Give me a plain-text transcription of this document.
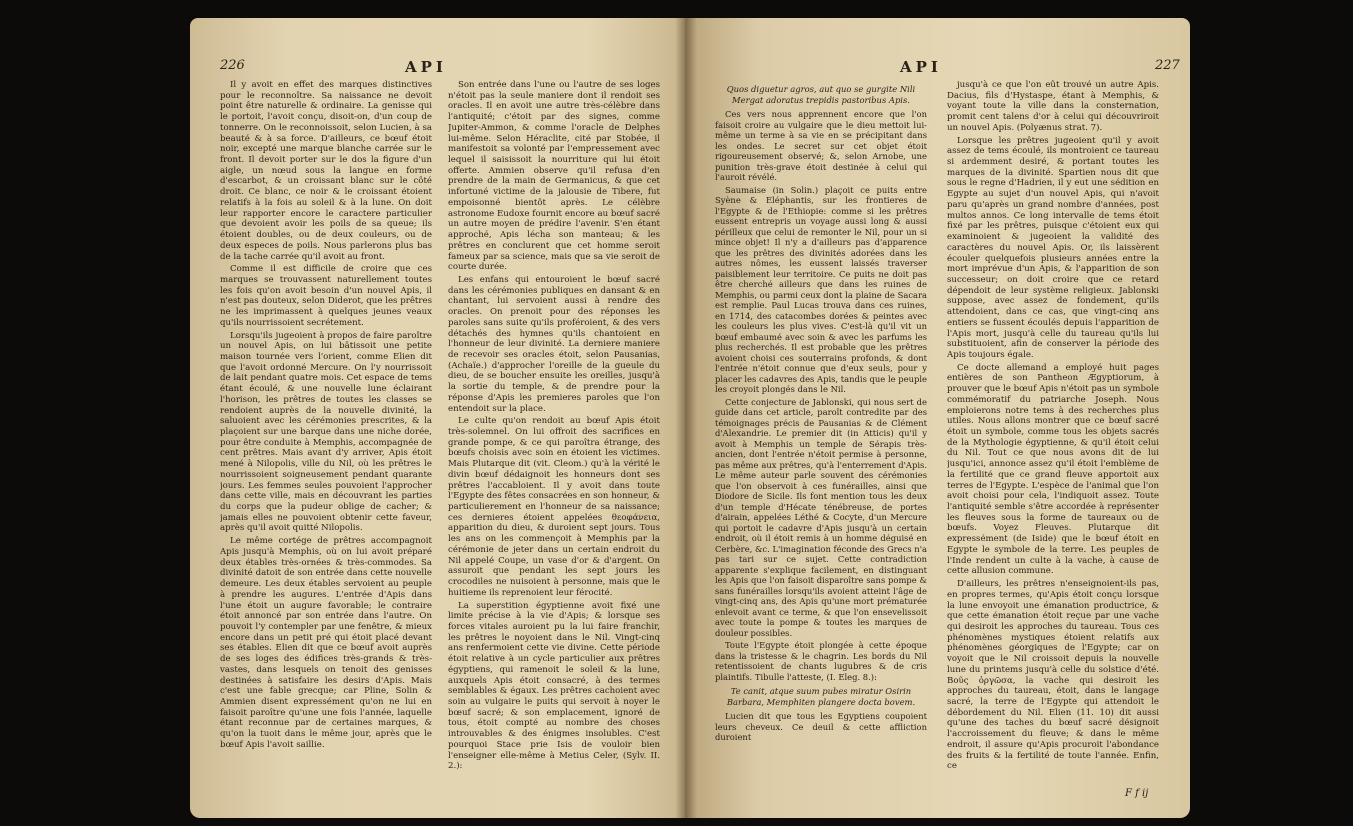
226	API

Il y avoit en effet des marques distinctives pour le reconnoître. Sa naissance ne devoit point être naturelle & ordinaire. La genisse qui le portoit, l'avoit conçu, disoit-on, d'un coup de tonnerre. On le reconnoissoit, selon Lucien, à sa beauté & à sa force. D'ailleurs, ce bœuf étoit noir, excepté une marque blanche carrée sur le front. Il devoit porter sur le dos la figure d'un aigle, un nœud sous la langue en forme d'escarbot, & un croissant blanc sur le côté droit. Ce blanc, ce noir & le croissant étoient relatifs à la fois au soleil & à la lune. On doit leur rapporter encore le caractere particulier que devoient avoir les poils de sa queue; ils étoient doubles, ou de deux couleurs, ou de deux especes de poils. Nous parlerons plus bas de la tache carrée qu'il avoit au front.

Comme il est difficile de croire que ces marques se trouvassent naturellement toutes les fois qu'on avoit besoin d'un nouvel Apis, il n'est pas douteux, selon Diderot, que les prêtres ne les imprimassent à quelques jeunes veaux qu'ils nourrissoient secrétement.

Lorsqu'ils jugeoient à propos de faire paroître un nouvel Apis, on lui bâtissoit une petite maison tournée vers l'orient, comme Elien dit que l'avoit ordonné Mercure. On l'y nourrissoit de lait pendant quatre mois. Cet espace de tems étant écoulé, & une nouvelle lune éclairant l'horison, les prêtres de toutes les classes se rendoient auprès de la nouvelle divinité, la saluoient avec les cérémonies prescrites, & la plaçoient sur une barque dans une niche dorée, pour être conduite à Memphis, accompagnée de cent prêtres. Mais avant d'y arriver, Apis étoit mené à Nilopolis, ville du Nil, où les prêtres le nourrissoient soigneusement pendant quarante jours. Les femmes seules pouvoient l'approcher dans cette ville, mais en découvrant les parties du corps que la pudeur oblige de cacher; & jamais elles ne pouvoient obtenir cette faveur, après qu'il avoit quitté Nilopolis.

Le même cortége de prêtres accompagnoit Apis jusqu'à Memphis, où on lui avoit préparé deux étables très-ornées & très-commodes. Sa divinité datoit de son entrée dans cette nouvelle demeure. Les deux étables servoient au peuple à prendre les augures. L'entrée d'Apis dans l'une étoit un augure favorable; le contraire étoit annoncé par son entrée dans l'autre. On pouvoit l'y contempler par une fenêtre, & mieux encore dans un petit pré qui étoit placé devant ses étables. Elien dit que ce bœuf avoit auprès de ses loges des édifices très-grands & très-vastes, dans lesquels on tenoit des genisses destinées à satisfaire les desirs d'Apis. Mais c'est une fable grecque; car Pline, Solin & Ammien disent expressément qu'on ne lui en faisoit paroître qu'une une fois l'année, laquelle étant reconnue par de certaines marques, & qu'on la tuoit dans le même jour, après que le bœuf Apis l'avoit saillie.

Son entrée dans l'une ou l'autre de ses loges n'étoit pas la seule maniere dont il rendoit ses oracles. Il en avoit une autre très-célèbre dans l'antiquité; c'étoit par des signes, comme Jupiter-Ammon, & comme l'oracle de Delphes lui-même. Selon Héraclite, cité par Stobée, il manifestoit sa volonté par l'empressement avec lequel il saisissoit la nourriture qui lui étoit offerte. Ammien observe qu'il refusa d'en prendre de la main de Germanicus, & que cet infortuné victime de la jalousie de Tibere, fut empoisonné bientôt après. Le célèbre astronome Eudoxe fournit encore au bœuf sacré un autre moyen de prédire l'avenir. S'en étant approché, Apis lécha son manteau; & les prêtres en conclurent que cet homme seroit fameux par sa science, mais que sa vie seroit de courte durée.

Les enfans qui entouroient le bœuf sacré dans les cérémonies publiques en dansant & en chantant, lui servoient aussi à rendre des oracles. On prenoit pour des réponses les paroles sans suite qu'ils proféroient, & des vers détachés des hymnes qu'ils chantoient en l'honneur de leur divinité. La derniere maniere de recevoir ses oracles étoit, selon Pausanias, (Achaïe.) d'approcher l'oreille de la gueule du dieu, de se boucher ensuite les oreilles, jusqu'à la sortie du temple, & de prendre pour la réponse d'Apis les premieres paroles que l'on entendoit sur la place.

Le culte qu'on rendoit au bœuf Apis étoit très-solemnel. On lui offroit des sacrifices en grande pompe, & ce qui paroîtra étrange, des bœufs choisis avec soin en étoient les victimes. Mais Plutarque dit (vit. Cleom.) qu'à la vérité le divin bœuf dédaignoit les honneurs dont ses prêtres l'accabloient. Il y avoit dans toute l'Egypte des fêtes consacrées en son honneur, & particulierement en l'honneur de sa naissance; ces dernieres étoient appelées θεοφάνεια, apparition du dieu, & duroient sept jours. Tous les ans on les commençoit à Memphis par la cérémonie de jeter dans un certain endroit du Nil appelé Coupe, un vase d'or & d'argent. On assuroit que pendant les sept jours les crocodiles ne nuisoient à personne, mais que le huitieme ils reprenoient leur férocité.

La superstition égyptienne avoit fixé une limite précise à la vie d'Apis; & lorsque ses forces vitales auroient pu la lui faire franchir, les prêtres le noyoient dans le Nil. Vingt-cinq ans renfermoient cette vie divine. Cette période étoit relative à un cycle particulier aux prêtres égyptiens, qui ramenoit le soleil & la lune, auxquels Apis étoit consacré, à des termes semblables & égaux. Les prêtres cachoient avec soin au vulgaire le puits qui servoit à noyer le bœuf sacré; & son emplacement, ignoré de tous, étoit compté au nombre des choses introuvables & des énigmes insolubles. C'est pourquoi Stace prie Isis de vouloir bien l'enseigner elle-même à Metius Celer, (Sylv. II. 2.):

API	227

Quos diguetur agros, aut quo se gurgite Nili Mergat adoratus trepidis pastoribus Apis.

Ces vers nous apprennent encore que l'on faisoit croire au vulgaire que le dieu mettoit lui-même un terme à sa vie en se précipitant dans les ondes. Le secret sur cet objet étoit rigoureusement observé; &, selon Arnobe, une punition très-grave étoit destinée à celui qui l'auroit révélé.

Saumaise (in Solin.) plaçoit ce puits entre Syène & Eléphantis, sur les frontieres de l'Egypte & de l'Ethiopie: comme si les prêtres eussent entrepris un voyage aussi long & aussi périlleux que celui de remonter le Nil, pour un si mince objet! Il n'y a d'ailleurs pas d'apparence que les prêtres des divinités adorées dans les autres nômes, les eussent laissés traverser paisiblement leur territoire. Ce puits ne doit pas être cherché ailleurs que dans les ruines de Memphis, ou parmi ceux dont la plaine de Sacara est remplie. Paul Lucas trouva dans ces ruines, en 1714, des catacombes dorées & peintes avec les couleurs les plus vives. C'est-là qu'il vit un bœuf embaumé avec soin & avec les parfums les plus recherchés. Il est probable que les prêtres avoient choisi ces souterrains profonds, & dont l'entrée n'étoit connue que d'eux seuls, pour y placer les cadavres des Apis, tandis que le peuple les croyoit plongés dans le Nil.

Cette conjecture de Jablonski, qui nous sert de guide dans cet article, paroît contredite par des témoignages précis de Pausanias & de Clément d'Alexandrie. Le premier dit (in Atticis) qu'il y avoit à Memphis un temple de Sérapis très-ancien, dont l'entrée n'étoit permise à personne, pas même aux prêtres, qu'à l'enterrement d'Apis. Le même auteur parle souvent des cérémonies que l'on observoit à ces funérailles, ainsi que Diodore de Sicile. Ils font mention tous les deux d'un temple d'Hécate ténébreuse, de portes d'airain, appelées Léthé & Cocyte, d'un Mercure qui portoit le cadavre d'Apis jusqu'à un certain endroit, où il étoit remis à un homme déguisé en Cerbère, &c. L'imagination féconde des Grecs n'a pas tari sur ce sujet. Cette contradiction apparente s'explique facilement, en distinguant les Apis que l'on faisoit disparoître sans pompe & sans funérailles lorsqu'ils avoient atteint l'âge de vingt-cinq ans, des Apis qu'une mort prématurée enlevoit avant ce terme, & que l'on ensevelissoit avec toute la pompe & toutes les marques de douleur possibles.

Toute l'Egypte étoit plongée à cette époque dans la tristesse & le chagrin. Les bords du Nil retentissoient de chants lugubres & de cris plaintifs. Tibulle l'atteste, (I. Eleg. 8.):

Te canit, atque suum pubes miratur Osirin Barbara, Memphiten plangere docta bovem.

Lucien dit que tous les Egyptiens coupoient leurs cheveux. Ce deuil & cette affliction duroient

jusqu'à ce que l'on eût trouvé un autre Apis. Dacius, fils d'Hystaspe, étant à Memphis, & voyant toute la ville dans la consternation, promit cent talens d'or à celui qui découvriroit un nouvel Apis. (Polyænus strat. 7).

Lorsque les prêtres jugeoient qu'il y avoit assez de tems écoulé, ils montroient ce taureau si ardemment desiré, & portant toutes les marques de la divinité. Spartien nous dit que sous le regne d'Hadrien, il y eut une sédition en Egypte au sujet d'un nouvel Apis, qui n'avoit paru qu'après un grand nombre d'années, post multos annos. Ce long intervalle de tems étoit fixé par les prêtres, puisque c'étoient eux qui examinoient & jugeoient la validité des caractères du nouvel Apis. Or, ils laissèrent écouler quelquefois plusieurs années entre la mort imprévue d'un Apis, & l'apparition de son successeur; on doit croire que ce retard dépendoit de leur système religieux. Jablonski suppose, avec assez de fondement, qu'ils attendoient, dans ce cas, que vingt-cinq ans entiers se fussent écoulés depuis l'apparition de l'Apis mort, jusqu'à celle du taureau qu'ils lui substituoient, afin de conserver la période des Apis toujours égale.

Ce docte allemand a employé huit pages entières de son Pantheon Ægyptiorum, à prouver que le bœuf Apis n'étoit pas un symbole commémoratif du patriarche Joseph. Nous emploierons notre tems à des recherches plus utiles. Nous allons montrer que ce bœuf sacré étoit un symbole, comme tous les objets sacrés de la Mythologie égyptienne, & qu'il étoit celui du Nil. Tout ce que nous avons dit de lui jusqu'ici, annonce assez qu'il étoit l'emblème de la fertilité que ce grand fleuve apportoit aux terres de l'Egypte. L'espèce de l'animal que l'on avoit choisi pour cela, l'indiquoit assez. Toute l'antiquité semble s'être accordée à représenter les fleuves sous la forme de taureaux ou de bœufs. Voyez Fleuves. Plutarque dit expressément (de Iside) que le bœuf étoit en Egypte le symbole de la terre. Les peuples de l'Inde rendent un culte à la vache, à cause de cette allusion commune.

D'ailleurs, les prêtres n'enseignoient-ils pas, en propres termes, qu'Apis étoit conçu lorsque la lune envoyoit une émanation productrice, & que cette émanation étoit reçue par une vache qui desiroit les approches du taureau. Tous ces phénomènes mystiques étoient relatifs aux phénomènes géorgiques de l'Egypte; car on voyoit que le Nil croissoit depuis la nouvelle lune du printems jusqu'à celle du solstice d'été. Βοῦς ὀργῶσα, la vache qui desiroit les approches du taureau, étoit, dans le langage sacré, la terre de l'Egypte qui attendoit le débordement du Nil. Elien (11. 10) dit aussi qu'une des taches du bœuf sacré désignoit l'accroissement du fleuve; & dans le même endroit, il assure qu'Apis procuroit l'abondance des fruits & la fertilité de toute l'année. Enfin, ce

F f ij
